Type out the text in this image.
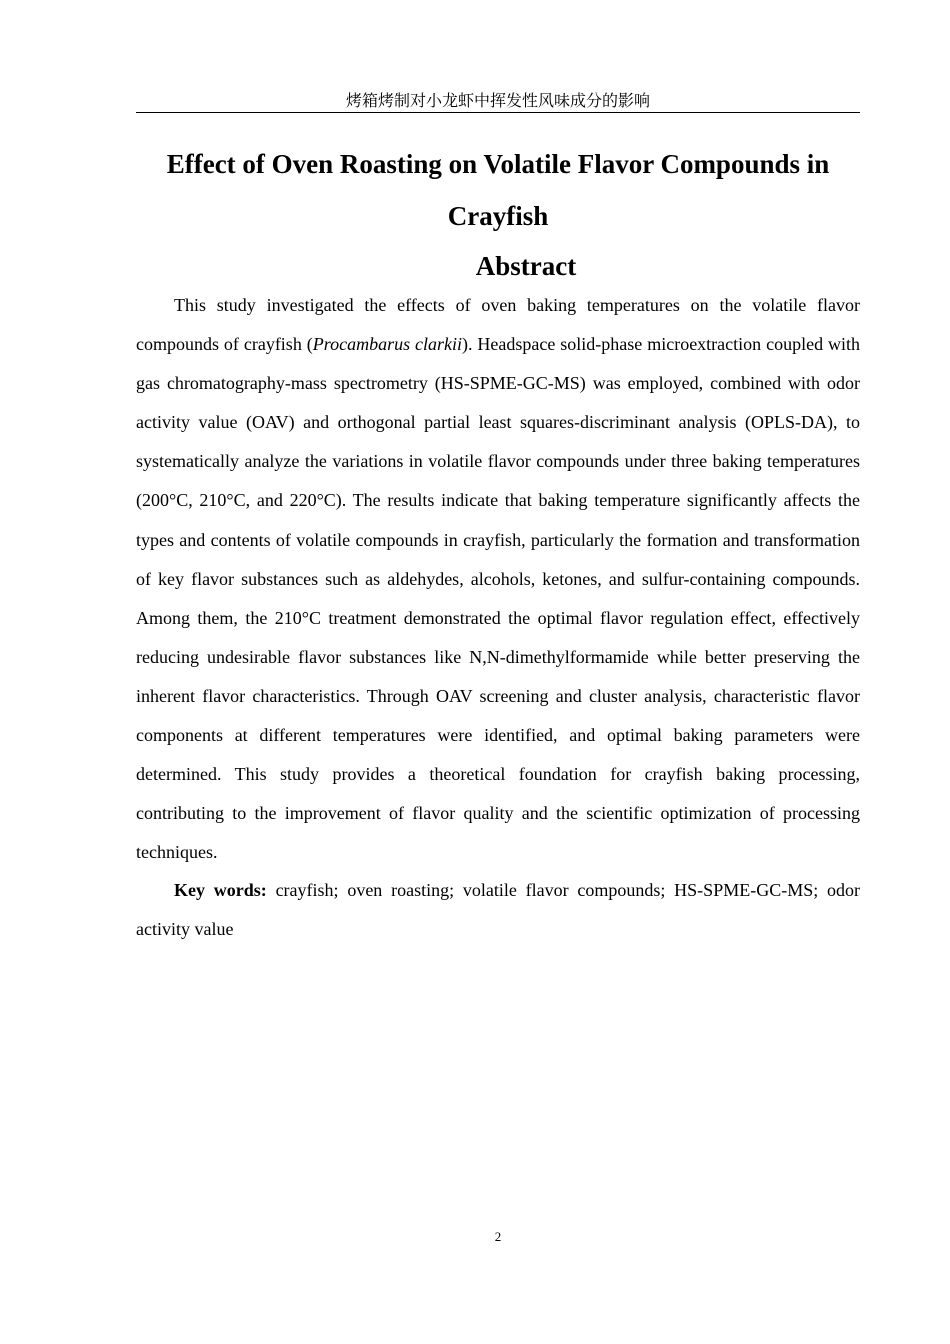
烤箱烤制对小龙虾中挥发性风味成分的影响
Effect of Oven Roasting on Volatile Flavor Compounds in
Crayfish
Abstract

This study investigated the effects of oven baking temperatures on the volatile flavor compounds of crayfish (Procambarus clarkii). Headspace solid-phase microextraction coupled with gas chromatography-mass spectrometry (HS-SPME-GC-MS) was employed, combined with odor activity value (OAV) and orthogonal partial least squares-discriminant analysis (OPLS-DA), to systematically analyze the variations in volatile flavor compounds under three baking temperatures (200°C, 210°C, and 220°C). The results indicate that baking temperature significantly affects the types and contents of volatile compounds in crayfish, particularly the formation and transformation of key flavor substances such as aldehydes, alcohols, ketones, and sulfur-containing compounds. Among them, the 210°C treatment demonstrated the optimal flavor regulation effect, effectively reducing undesirable flavor substances like N,N-dimethylformamide while better preserving the inherent flavor characteristics. Through OAV screening and cluster analysis, characteristic flavor components at different temperatures were identified, and optimal baking parameters were determined. This study provides a theoretical foundation for crayfish baking processing, contributing to the improvement of flavor quality and the scientific optimization of processing techniques.

Key words: crayfish; oven roasting; volatile flavor compounds; HS-SPME-GC-MS; odor activity value

2
